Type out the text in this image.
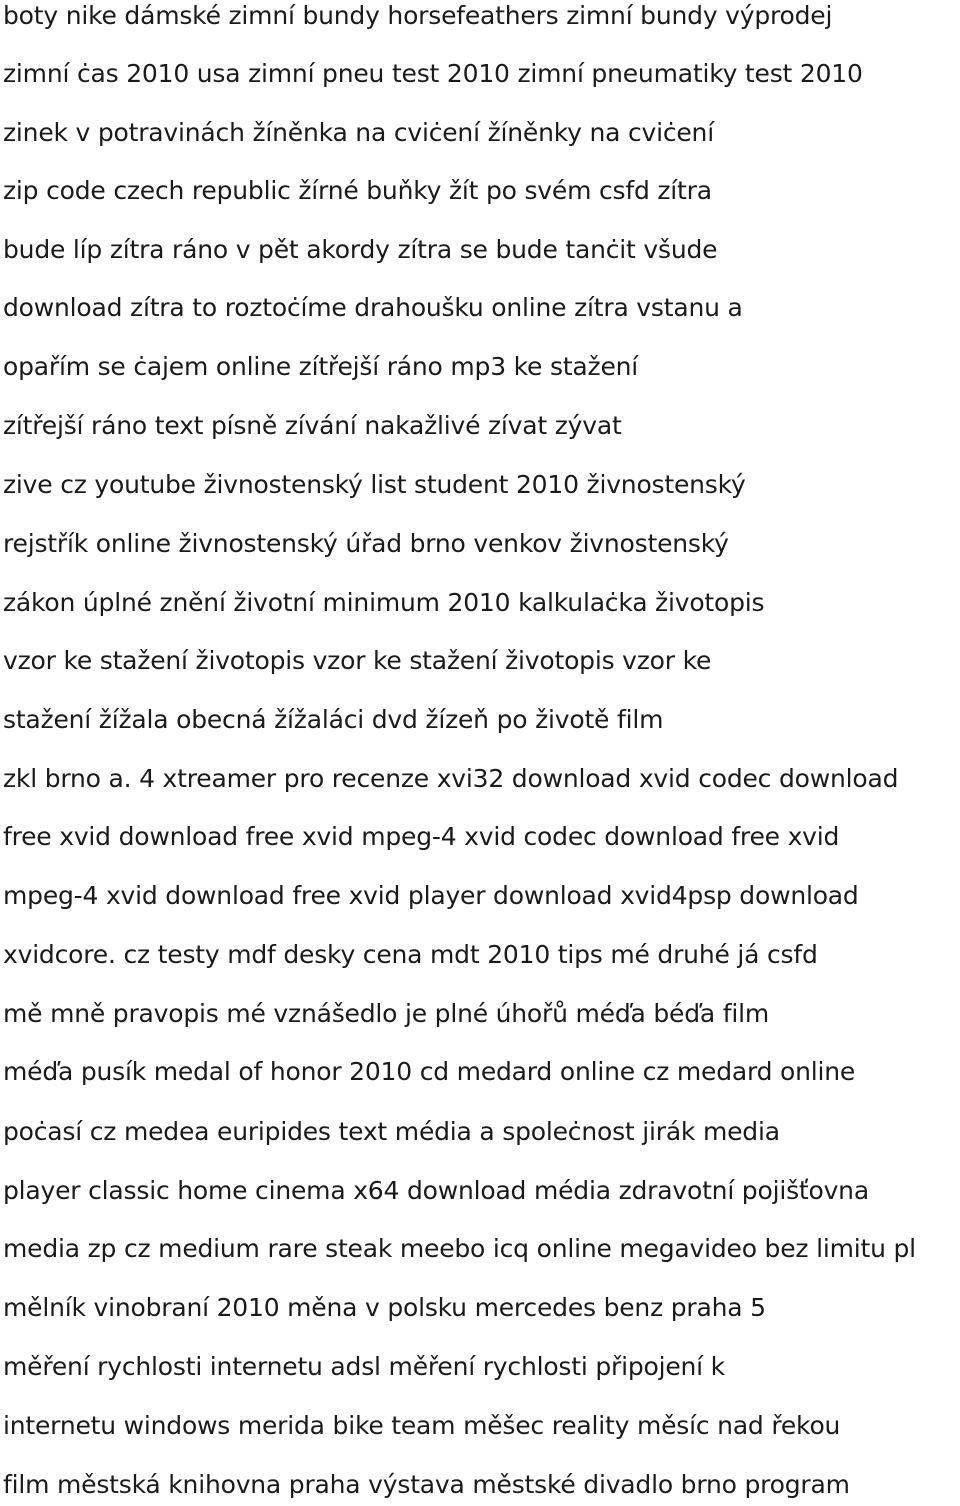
boty nike dámské zimní bundy horsefeathers zimní bundy výprodej
zimní ċas 2010 usa zimní pneu test 2010 zimní pneumatiky test 2010
zinek v potravinách žíněnka na cviċení žíněnky na cviċení
zip code czech republic žírné buňky žít po svém csfd zítra
bude líp zítra ráno v pět akordy zítra se bude tanċit všude
download zítra to roztoċíme drahoušku online zítra vstanu a
opařím se ċajem online zítřejší ráno mp3 ke stažení
zítřejší ráno text písně zívání nakažlivé zívat zývat
zive cz youtube živnostenský list student 2010 živnostenský
rejstřík online živnostenský úřad brno venkov živnostenský
zákon úplné znění životní minimum 2010 kalkulaċka životopis
vzor ke stažení životopis vzor ke stažení životopis vzor ke
stažení žížala obecná žížaláci dvd žízeň po životě film
zkl brno a. 4 xtreamer pro recenze xvi32 download xvid codec download
free xvid download free xvid mpeg-4 xvid codec download free xvid
mpeg-4 xvid download free xvid player download xvid4psp download
xvidcore. cz testy mdf desky cena mdt 2010 tips mé druhé já csfd
mě mně pravopis mé vznášedlo je plné úhořů méďa béďa film
méďa pusík medal of honor 2010 cd medard online cz medard online
poċasí cz medea euripides text média a spoleċnost jirák media
player classic home cinema x64 download média zdravotní pojišťovna
media zp cz medium rare steak meebo icq online megavideo bez limitu pl
mělník vinobraní 2010 měna v polsku mercedes benz praha 5
měření rychlosti internetu adsl měření rychlosti připojení k
internetu windows merida bike team měšec reality měsíc nad řekou
film městská knihovna praha výstava městské divadlo brno program
